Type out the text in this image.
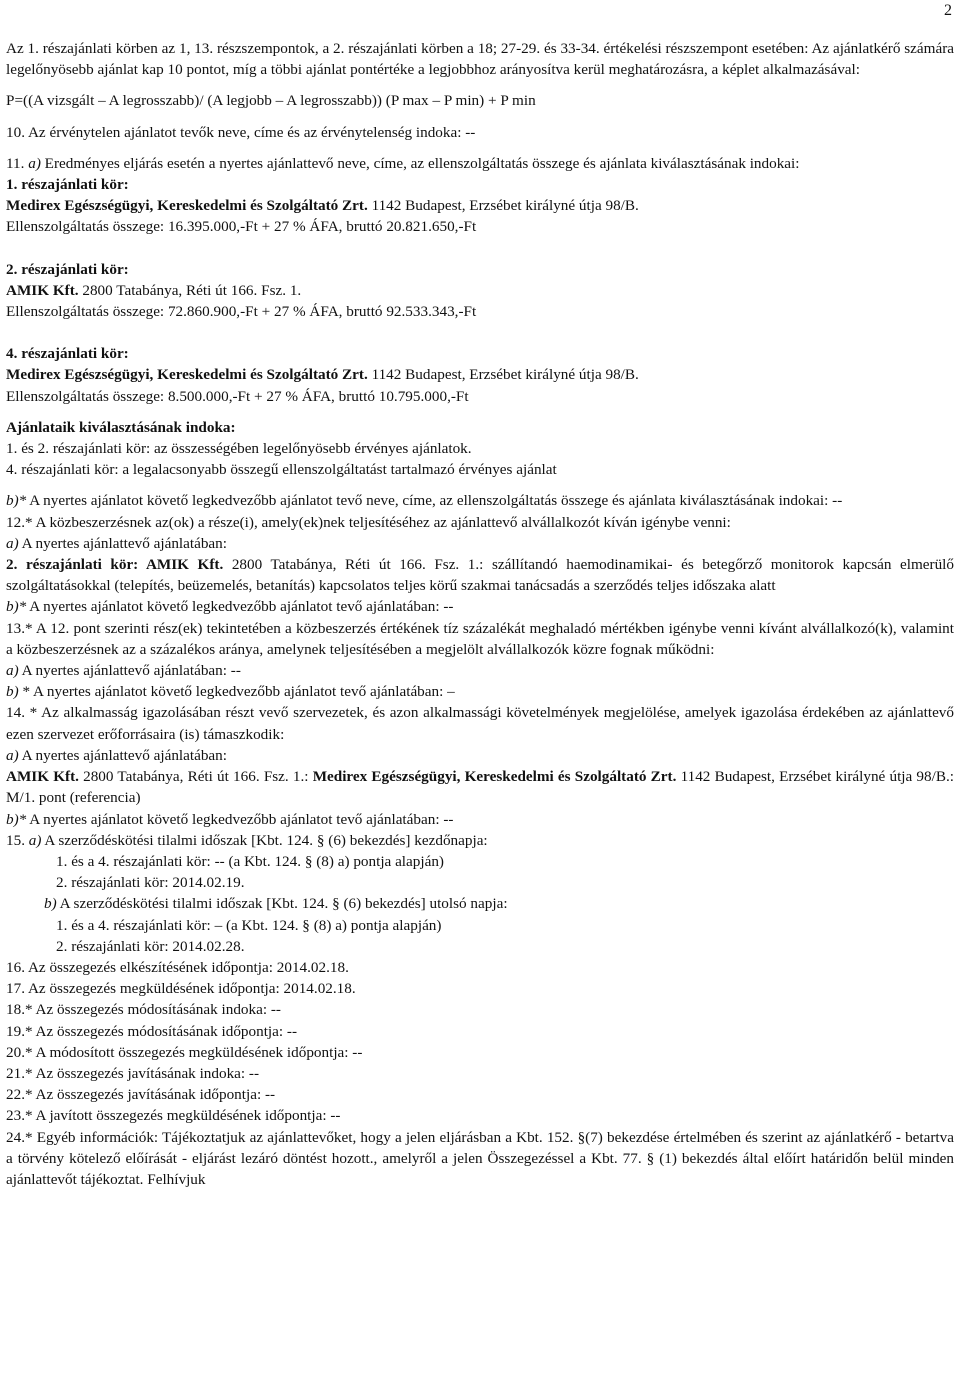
2

Az 1. részajánlati körben az 1, 13. részszempontok, a 2. részajánlati körben a 18; 27-29. és 33-34. értékelési részszempont esetében: Az ajánlatkérő számára legelőnyösebb ajánlat kap 10 pontot, míg a többi ajánlat pontértéke a legjobbhoz arányosítva kerül meghatározásra, a képlet alkalmazásával:

P=((A vizsgált – A legrosszabb)/ (A legjobb – A legrosszabb)) (P max – P min) + P min

10. Az érvénytelen ajánlatot tevők neve, címe és az érvénytelenség indoka: --

11. a) Eredményes eljárás esetén a nyertes ajánlattevő neve, címe, az ellenszolgáltatás összege és ajánlata kiválasztásának indokai:

1. részajánlati kör:

Medirex Egészségügyi, Kereskedelmi és Szolgáltató Zrt. 1142 Budapest, Erzsébet királyné útja 98/B.

Ellenszolgáltatás összege: 16.395.000,-Ft + 27 % ÁFA, bruttó 20.821.650,-Ft

2. részajánlati kör:

AMIK Kft. 2800 Tatabánya, Réti út 166. Fsz. 1.

Ellenszolgáltatás összege: 72.860.900,-Ft + 27 % ÁFA, bruttó 92.533.343,-Ft

4. részajánlati kör:

Medirex Egészségügyi, Kereskedelmi és Szolgáltató Zrt. 1142 Budapest, Erzsébet királyné útja 98/B.

Ellenszolgáltatás összege: 8.500.000,-Ft + 27 % ÁFA, bruttó 10.795.000,-Ft

Ajánlataik kiválasztásának indoka:

1. és 2. részajánlati kör: az összességében legelőnyösebb érvényes ajánlatok.

4. részajánlati kör: a legalacsonyabb összegű ellenszolgáltatást tartalmazó érvényes ajánlat

b)* A nyertes ajánlatot követő legkedvezőbb ajánlatot tevő neve, címe, az ellenszolgáltatás összege és ajánlata kiválasztásának indokai: --

12.* A közbeszerzésnek az(ok) a része(i), amely(ek)nek teljesítéséhez az ajánlattevő alvállalkozót kíván igénybe venni:

a) A nyertes ajánlattevő ajánlatában:

2. részajánlati kör: AMIK Kft. 2800 Tatabánya, Réti út 166. Fsz. 1.: szállítandó haemodinamikai- és betegőrző monitorok kapcsán elmerülő szolgáltatásokkal (telepítés, beüzemelés, betanítás) kapcsolatos teljes körű szakmai tanácsadás a szerződés teljes időszaka alatt

b)* A nyertes ajánlatot követő legkedvezőbb ajánlatot tevő ajánlatában: --

13.* A 12. pont szerinti rész(ek) tekintetében a közbeszerzés értékének tíz százalékát meghaladó mértékben igénybe venni kívánt alvállalkozó(k), valamint a közbeszerzésnek az a százalékos aránya, amelynek teljesítésében a megjelölt alvállalkozók közre fognak működni:

a) A nyertes ajánlattevő ajánlatában: --

b) * A nyertes ajánlatot követő legkedvezőbb ajánlatot tevő ajánlatában: –

14. * Az alkalmasság igazolásában részt vevő szervezetek, és azon alkalmassági követelmények megjelölése, amelyek igazolása érdekében az ajánlattevő ezen szervezet erőforrásaira (is) támaszkodik:

a) A nyertes ajánlattevő ajánlatában:

AMIK Kft. 2800 Tatabánya, Réti út 166. Fsz. 1.: Medirex Egészségügyi, Kereskedelmi és Szolgáltató Zrt. 1142 Budapest, Erzsébet királyné útja 98/B.: M/1. pont (referencia)

b)* A nyertes ajánlatot követő legkedvezőbb ajánlatot tevő ajánlatában: --

15. a) A szerződéskötési tilalmi időszak [Kbt. 124. § (6) bekezdés] kezdőnapja:

1. és a 4. részajánlati kör: -- (a Kbt. 124. § (8) a) pontja alapján)

2. részajánlati kör: 2014.02.19.

b) A szerződéskötési tilalmi időszak [Kbt. 124. § (6) bekezdés] utolsó napja:

1. és a 4. részajánlati kör: – (a Kbt. 124. § (8) a) pontja alapján)

2. részajánlati kör: 2014.02.28.

16. Az összegezés elkészítésének időpontja: 2014.02.18.

17. Az összegezés megküldésének időpontja: 2014.02.18.

18.* Az összegezés módosításának indoka: --

19.* Az összegezés módosításának időpontja: --

20.* A módosított összegezés megküldésének időpontja: --

21.* Az összegezés javításának indoka: --

22.* Az összegezés javításának időpontja: --

23.* A javított összegezés megküldésének időpontja: --

24.* Egyéb információk: Tájékoztatjuk az ajánlattevőket, hogy a jelen eljárásban a Kbt. 152. §(7) bekezdése értelmében és szerint az ajánlatkérő - betartva a törvény kötelező előírását - eljárást lezáró döntést hozott., amelyről a jelen Összegezéssel a Kbt. 77. § (1) bekezdés által előírt határidőn belül minden ajánlattevőt tájékoztat. Felhívjuk
